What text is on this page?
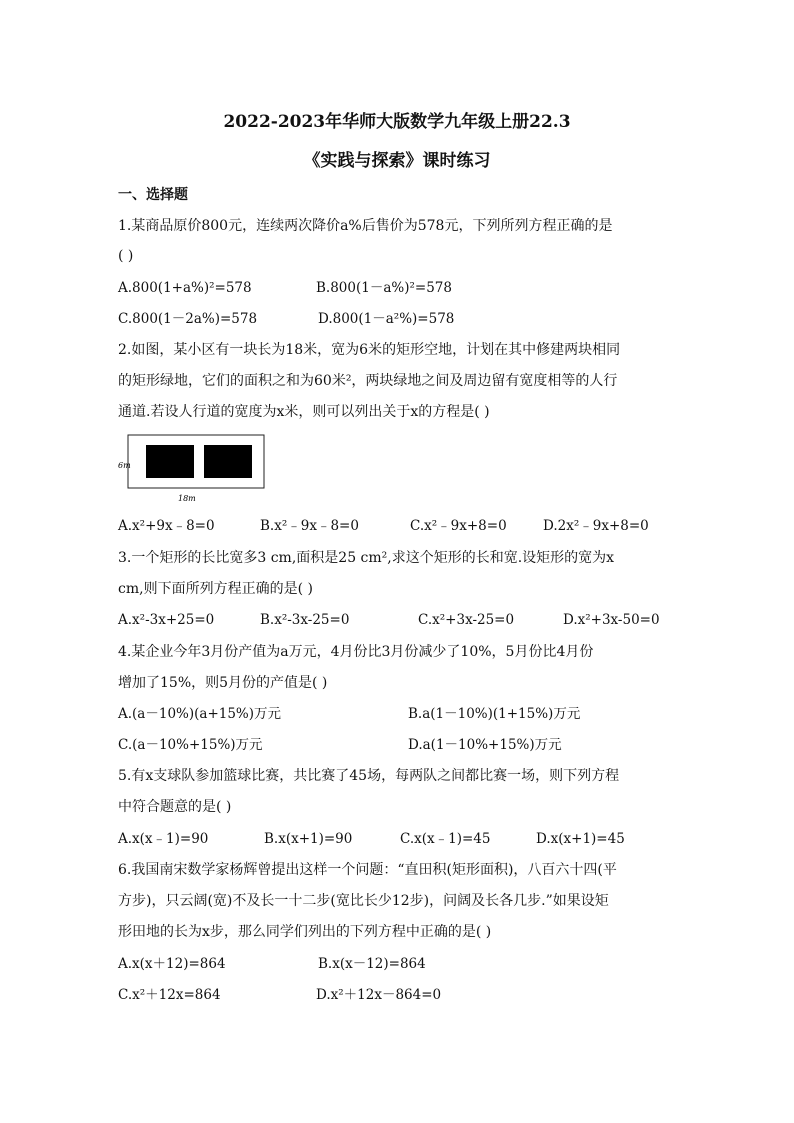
2022-2023年华师大版数学九年级上册22.3
《实践与探索》课时练习
一、选择题
1.某商品原价800元，连续两次降价a%后售价为578元，下列所列方程正确的是
( )
A.800(1+a%)²=578	B.800(1－a%)²=578
C.800(1－2a%)=578	D.800(1－a²%)=578
2.如图，某小区有一块长为18米，宽为6米的矩形空地，计划在其中修建两块相同
的矩形绿地，它们的面积之和为60米²，两块绿地之间及周边留有宽度相等的人行
通道.若设人行道的宽度为x米，则可以列出关于x的方程是( )
6m
18m
A.x²+9x﹣8=0	B.x²﹣9x﹣8=0	C.x²﹣9x+8=0	D.2x²﹣9x+8=0
3.一个矩形的长比宽多3 cm,面积是25 cm²,求这个矩形的长和宽.设矩形的宽为x
cm,则下面所列方程正确的是( )
A.x²-3x+25=0	B.x²-3x-25=0	C.x²+3x-25=0	D.x²+3x-50=0
4.某企业今年3月份产值为a万元，4月份比3月份减少了10%，5月份比4月份
增加了15%，则5月份的产值是( )
A.(a－10%)(a+15%)万元	B.a(1－10%)(1+15%)万元
C.(a－10%+15%)万元	D.a(1－10%+15%)万元
5.有x支球队参加篮球比赛，共比赛了45场，每两队之间都比赛一场，则下列方程
中符合题意的是( )
A.x(x﹣1)=90	B.x(x+1)=90	C.x(x﹣1)=45	D.x(x+1)=45
6.我国南宋数学家杨辉曾提出这样一个问题：“直田积(矩形面积)，八百六十四(平
方步)，只云阔(宽)不及长一十二步(宽比长少12步)，问阔及长各几步.”如果设矩
形田地的长为x步，那么同学们列出的下列方程中正确的是( )
A.x(x＋12)=864	B.x(x－12)=864
C.x²＋12x=864	D.x²＋12x－864=0
